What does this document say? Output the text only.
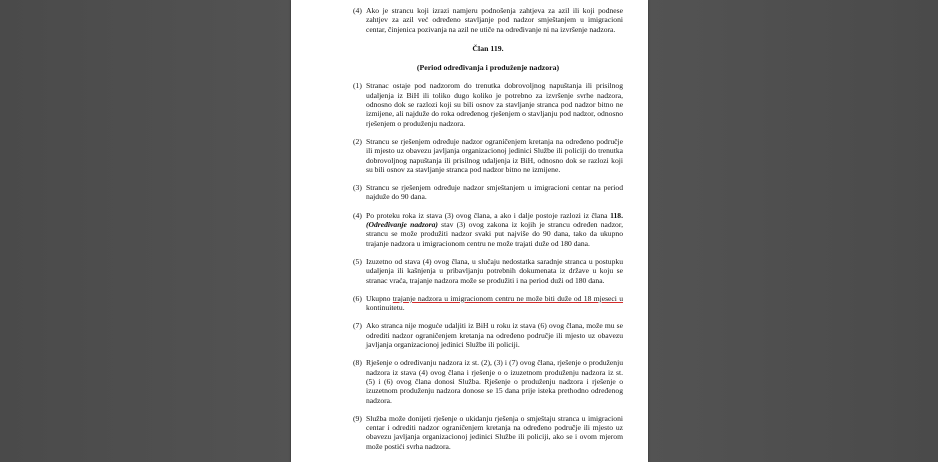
(4) Ako je strancu koji izrazi namjeru podnošenja zahtjeva za azil ili koji podnese zahtjev za azil već određeno stavljanje pod nadzor smještanjem u imigracioni centar, činjenica pozivanja na azil ne utiče na određivanje ni na izvršenje nadzora.

Član 119.
(Period određivanja i produženje nadzora)

(1) Stranac ostaje pod nadzorom do trenutka dobrovoljnog napuštanja ili prisilnog udaljenja iz BiH ili toliko dugo koliko je potrebno za izvršenje svrhe nadzora, odnosno dok se razlozi koji su bili osnov za stavljanje stranca pod nadzor bitno ne izmijene, ali najduže do roka određenog rješenjem o stavljanju pod nadzor, odnosno rješenjem o produženju nadzora.

(2) Strancu se rješenjem određuje nadzor ograničenjem kretanja na određeno područje ili mjesto uz obavezu javljanja organizacionoj jedinici Službe ili policiji do trenutka dobrovoljnog napuštanja ili prisilnog udaljenja iz BiH, odnosno dok se razlozi koji su bili osnov za stavljanje stranca pod nadzor bitno ne izmijene.

(3) Strancu se rješenjem određuje nadzor smještanjem u imigracioni centar na period najduže do 90 dana.

(4) Po proteku roka iz stava (3) ovog člana, a ako i dalje postoje razlozi iz člana 118. (Određivanje nadzora) stav (3) ovog zakona iz kojih je strancu određen nadzor, strancu se može produžiti nadzor svaki put najviše do 90 dana, tako da ukupno trajanje nadzora u imigracionom centru ne može trajati duže od 180 dana.

(5) Izuzetno od stava (4) ovog člana, u slučaju nedostatka saradnje stranca u postupku udaljenja ili kašnjenja u pribavljanju potrebnih dokumenata iz države u koju se stranac vraća, trajanje nadzora može se produžiti i na period duži od 180 dana.

(6) Ukupno trajanje nadzora u imigracionom centru ne može biti duže od 18 mjeseci u kontinuitetu.

(7) Ako stranca nije moguće udaljiti iz BiH u roku iz stava (6) ovog člana, može mu se odrediti nadzor ograničenjem kretanja na određeno područje ili mjesto uz obavezu javljanja organizacionoj jedinici Službe ili policiji.

(8) Rješenje o određivanju nadzora iz st. (2), (3) i (7) ovog člana, rješenje o produženju nadzora iz stava (4) ovog člana i rješenje o o izuzetnom produženju nadzora iz st. (5) i (6) ovog člana donosi Služba. Rješenje o produženju nadzora i rješenje o izuzetnom produženju nadzora donose se 15 dana prije isteka prethodno određenog nadzora.

(9) Služba može donijeti rješenje o ukidanju rješenja o smještaju stranca u imigracioni centar i odrediti nadzor ograničenjem kretanja na određeno područje ili mjesto uz obavezu javljanja organizacionoj jedinici Službe ili policiji, ako se i ovom mjerom može postići svrha nadzora.
